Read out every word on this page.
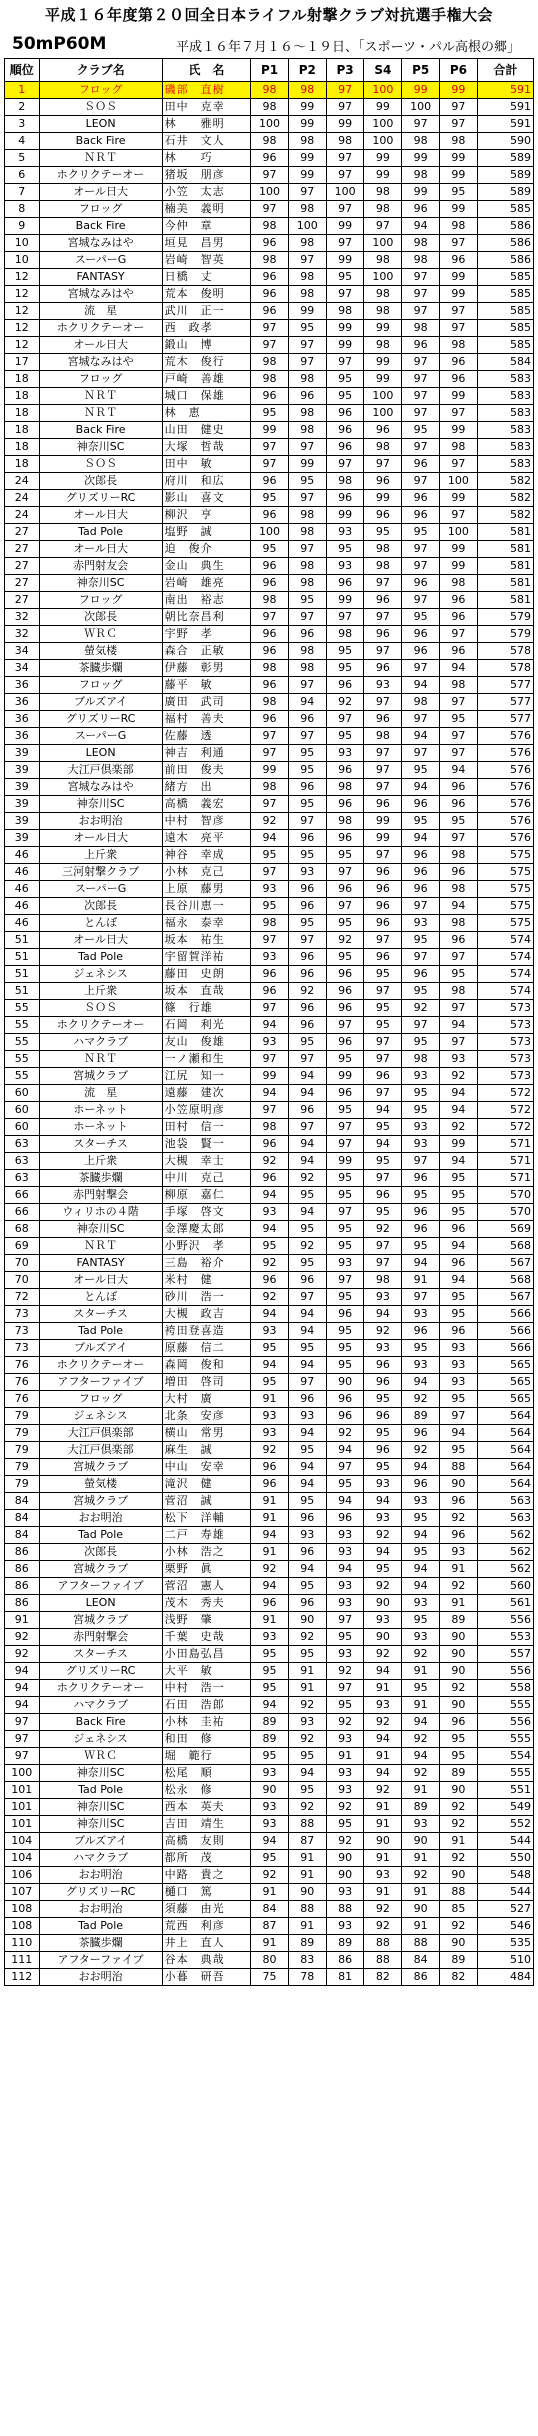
平成１６年度第２０回全日本ライフル射撃クラブ対抗選手権大会
50mP60M	平成１６年７月１６～１９日、「スポーツ・パル高根の郷」
順位	クラブ名	氏　名	P1	P2	P3	S4	P5	P6	合計
1	フロッグ	磯部　直樹	98	98	97	100	99	99	591
2	ＳＯＳ	田中　克幸	98	99	97	99	100	97	591
3	LEON	林　　雅明	100	99	99	100	97	97	591
4	Back Fire	石井　文人	98	98	98	100	98	98	590
5	ＮＲＴ	林　　巧	96	99	97	99	99	99	589
6	ホクリクテーオー	猪坂　朋彦	97	99	97	99	98	99	589
7	オール日大	小笠　太志	100	97	100	98	99	95	589
8	フロッグ	楠美　義明	97	98	97	98	96	99	585
9	Back Fire	今仲　章	98	100	99	97	94	98	586
10	宮城なみはや	垣見　昌男	96	98	97	100	98	97	586
10	スーパーG	岩崎　智英	98	97	99	98	98	96	586
12	FANTASY	日橋　丈	96	98	95	100	97	99	585
12	宮城なみはや	荒本　俊明	96	98	97	98	97	99	585
12	流　星	武川　正一	96	99	98	98	97	97	585
12	ホクリクテーオー	西　政孝	97	95	99	99	98	97	585
12	オール日大	鍛山　博	97	97	99	98	96	98	585
17	宮城なみはや	荒木　俊行	98	97	97	99	97	96	584
18	フロッグ	戸崎　善雄	98	98	95	99	97	96	583
18	ＮＲＴ	城口　保雄	96	96	95	100	97	99	583
18	ＮＲＴ	林　恵	95	98	96	100	97	97	583
18	Back Fire	山田　健史	99	98	96	96	95	99	583
18	神奈川SC	大塚　哲哉	97	97	96	98	97	98	583
18	ＳＯＳ	田中　敏	97	99	97	97	96	97	583
24	次郎長	府川　和広	96	95	98	96	97	100	582
24	グリズリーRC	影山　喜文	95	97	96	99	96	99	582
24	オール日大	柳沢　亨	96	98	99	96	96	97	582
27	Tad Pole	塩野　誠	100	98	93	95	95	100	581
27	オール日大	迫　俊介	95	97	95	98	97	99	581
27	赤門射友会	金山　典生	96	98	93	98	97	99	581
27	神奈川SC	岩崎　雄亮	96	98	96	97	96	98	581
27	フロッグ	南出　裕志	98	95	99	96	97	96	581
32	次郎長	朝比奈昌利	97	97	97	97	95	96	579
32	ＷＲＣ	宇野　孝	96	96	98	96	96	97	579
34	螢気楼	森合　正敏	96	98	95	97	96	96	578
34	茶臓歩爛	伊藤　彰男	98	98	95	96	97	94	578
36	フロッグ	藤平　敏	96	97	96	93	94	98	577
36	ブルズアイ	廣田　武司	98	94	92	97	98	97	577
36	グリズリーRC	福村　善夫	96	96	97	96	97	95	577
36	スーパーG	佐藤　透	97	97	95	98	94	97	576
39	LEON	神吉　利通	97	95	93	97	97	97	576
39	大江戸倶楽部	前田　俊夫	99	95	96	97	95	94	576
39	宮城なみはや	緒方　出	98	96	98	97	94	96	576
39	神奈川SC	高橋　義宏	97	95	96	96	96	96	576
39	おお明治	中村　智彦	92	97	98	99	95	95	576
39	オール日大	遠木　亮平	94	96	96	99	94	97	576
46	上斤衆	神谷　幸成	95	95	95	97	96	98	575
46	三河射撃クラブ	小林　克己	97	93	97	96	96	96	575
46	スーパーG	上原　藤男	93	96	96	96	96	98	575
46	次郎長	長谷川恵一	95	96	97	96	97	94	575
46	とんぼ	福永　泰幸	98	95	95	96	93	98	575
51	オール日大	坂本　祐生	97	97	92	97	95	96	574
51	Tad Pole	宇留賀洋祐	93	96	95	96	97	97	574
51	ジェネシス	藤田　史朗	96	96	96	95	96	95	574
51	上斤衆	坂本　直哉	96	92	96	97	95	98	574
55	ＳＯＳ	篠　行雄	97	96	96	95	92	97	573
55	ホクリクテーオー	石岡　利光	94	96	97	95	97	94	573
55	ハマクラブ	友山　俊雄	93	95	96	97	95	97	573
55	ＮＲＴ	一ノ瀬和生	97	97	95	97	98	93	573
55	宮城クラブ	江尻　知一	99	94	99	96	93	92	573
60	流　星	遠藤　建次	94	94	96	97	95	94	572
60	ホーネット	小笠原明彦	97	96	95	94	95	94	572
60	ホーネット	田村　信一	98	97	97	95	93	92	572
63	スターチス	池袋　賢一	96	94	97	94	93	99	571
63	上斤衆	大槻　幸士	92	94	99	95	97	94	571
63	茶臓歩爛	中川　克己	96	92	95	97	96	95	571
66	赤門射撃会	柳原　嘉仁	94	95	95	96	95	95	570
66	ウィリホの４階	手塚　啓文	93	94	97	95	96	95	570
68	神奈川SC	金澤慶太郎	94	95	95	92	96	96	569
69	ＮＲＴ	小野沢　孝	95	92	95	97	95	94	568
70	FANTASY	三島　裕介	92	95	93	97	94	96	567
70	オール日大	米村　健	96	96	97	98	91	94	568
72	とんぼ	砂川　浩一	92	97	95	93	97	95	567
73	スターチス	大槻　政吉	94	94	96	94	93	95	566
73	Tad Pole	袴田登喜造	93	94	95	92	96	96	566
73	ブルズアイ	原藤　信二	95	95	95	93	95	93	566
76	ホクリクテーオー	森岡　俊和	94	94	95	96	93	93	565
76	アフターファイブ	増田　啓司	95	97	90	96	94	93	565
76	フロッグ	大村　廣	91	96	96	95	92	95	565
79	ジェネシス	北条　安彦	93	93	96	96	89	97	564
79	大江戸倶楽部	横山　常男	93	94	92	95	96	94	564
79	大江戸倶楽部	麻生　誠	92	95	94	96	92	95	564
79	宮城クラブ	中山　安幸	96	94	97	95	94	88	564
79	螢気楼	滝沢　健	96	94	95	93	96	90	564
84	宮城クラブ	菅沼　誠	91	95	94	94	93	96	563
84	おお明治	松下　洋輔	91	96	96	93	95	92	563
84	Tad Pole	二戸　寿雄	94	93	93	92	94	96	562
86	次郎長	小林　浩之	91	96	93	94	95	93	562
86	宮城クラブ	栗野　眞	92	94	94	95	94	91	562
86	アフターファイブ	菅沼　憲人	94	95	93	92	94	92	560
86	LEON	茂木　秀夫	96	96	93	90	93	91	561
91	宮城クラブ	浅野　肇	91	90	97	93	95	89	556
92	赤門射撃会	千葉　史哉	93	92	95	90	93	90	553
92	スターチス	小田島弘昌	95	95	93	92	92	90	557
94	グリズリーRC	大平　敏	95	91	92	94	91	90	556
94	ホクリクテーオー	中村　浩一	95	91	97	91	95	92	558
94	ハマクラブ	石田　浩郎	94	92	95	93	91	90	555
97	Back Fire	小林　圭祐	89	93	92	92	94	96	556
97	ジェネシス	和田　修	89	92	93	94	92	95	555
97	ＷＲＣ	堀　範行	95	95	91	91	94	95	554
100	神奈川SC	松尾　順	93	94	93	94	92	89	555
101	Tad Pole	松永　修	90	95	93	92	91	90	551
101	神奈川SC	西本　英夫	93	92	92	91	89	92	549
101	神奈川SC	吉田　靖生	93	88	95	91	93	92	552
104	ブルズアイ	高橋　友則	94	87	92	90	90	91	544
104	ハマクラブ	都所　茂	95	91	90	91	91	92	550
106	おお明治	中路　貴之	92	91	90	93	92	90	548
107	グリズリーRC	樋口　篤	91	90	93	91	91	88	544
108	おお明治	須藤　由光	84	88	88	92	90	85	527
108	Tad Pole	荒西　利彦	87	91	93	92	91	92	546
110	茶臓歩爛	井上　直人	91	89	89	88	88	90	535
111	アフターファイブ	谷本　典哉	80	83	86	88	84	89	510
112	おお明治	小暮　研吾	75	78	81	82	86	82	484
